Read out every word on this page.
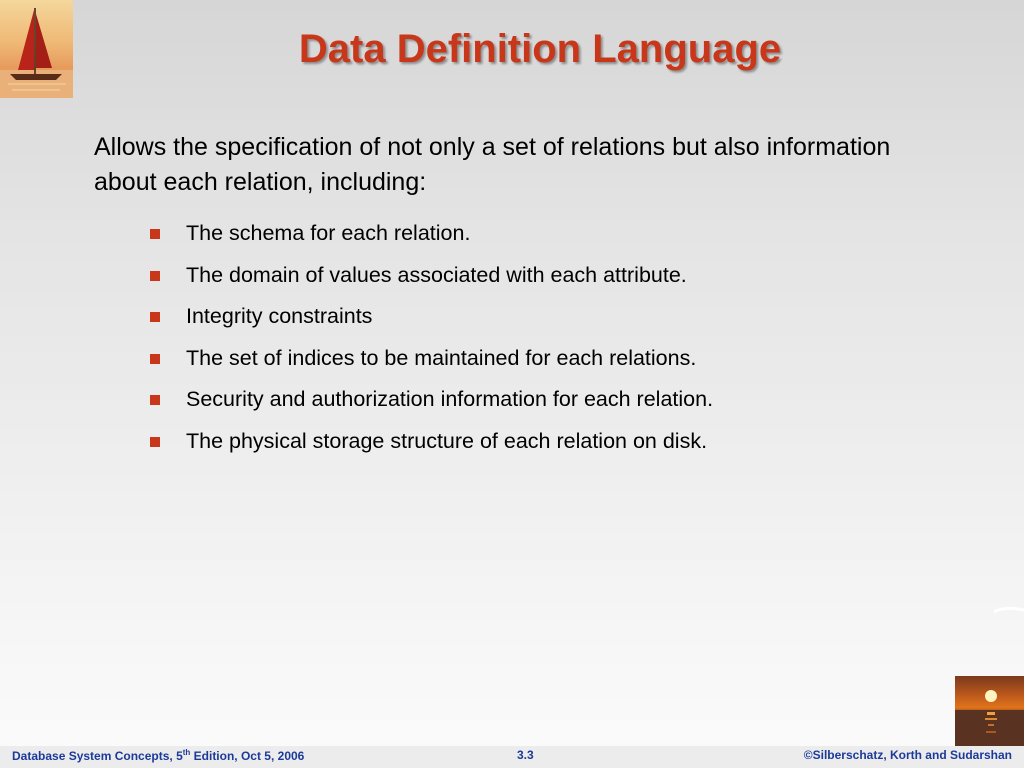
Data Definition Language
Allows the specification of not only a set of relations but also information about each relation, including:
The schema for each relation.
The domain of values associated with each attribute.
Integrity constraints
The set of indices to be maintained for each relations.
Security and authorization information for each relation.
The physical storage structure of each relation on disk.
Database System Concepts, 5th Edition, Oct 5, 2006	3.3	©Silberschatz, Korth and Sudarshan
